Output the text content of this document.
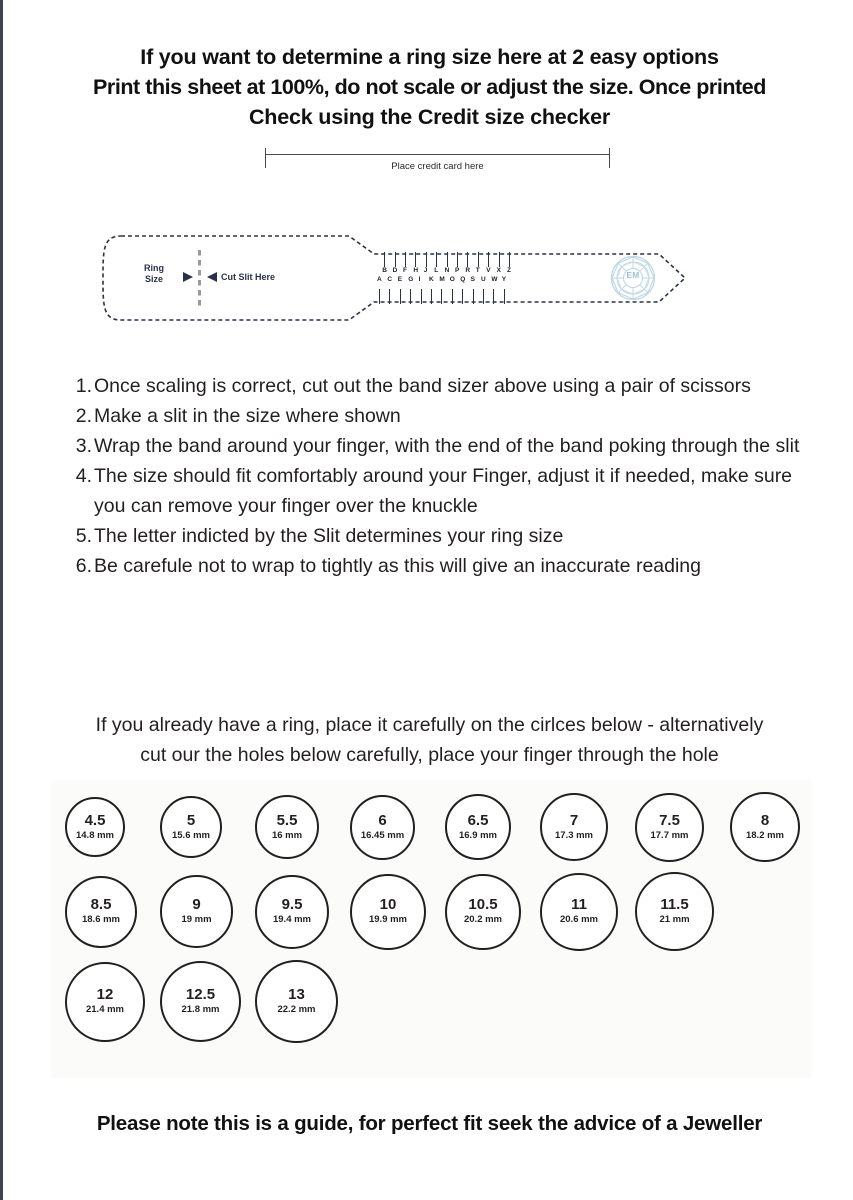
If you want to determine a ring size here at 2 easy options
Print this sheet at 100%, do not scale or adjust the size. Once printed
Check using the Credit size checker
Place credit card here
Ring
Size	Cut Slit Here	A C E G I K M O Q S U W Y
B D F H J L N P R T V X Z	EM
1. Once scaling is correct, cut out the band sizer above using a pair of scissors
2. Make a slit in the size where shown
3. Wrap the band around your finger, with the end of the band poking through the slit
4. The size should fit comfortably around your Finger, adjust it if needed, make sure you can remove your finger over the knuckle
5. The letter indicted by the Slit determines your ring size
6. Be carefule not to wrap to tightly as this will give an inaccurate reading
If you already have a ring, place it carefully on the cirlces below - alternatively
cut our the holes below carefully, place your finger through the hole
4.5
14.8 mm
5
15.6 mm
5.5
16 mm
6
16.45 mm
6.5
16.9 mm
7
17.3 mm
7.5
17.7 mm
8
18.2 mm
8.5
18.6 mm
9
19 mm
9.5
19.4 mm
10
19.9 mm
10.5
20.2 mm
11
20.6 mm
11.5
21 mm
12
21.4 mm
12.5
21.8 mm
13
22.2 mm
Please note this is a guide, for perfect fit seek the advice of a Jeweller
